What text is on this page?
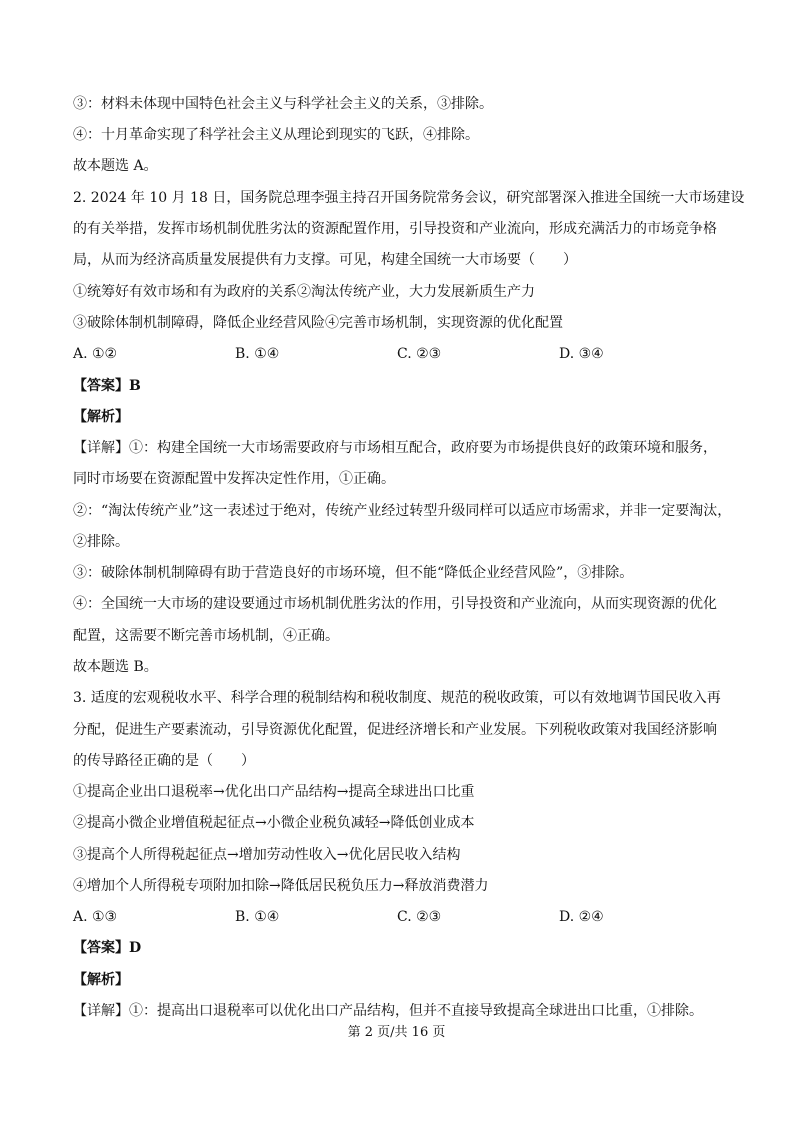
③：材料未体现中国特色社会主义与科学社会主义的关系，③排除。
④：十月革命实现了科学社会主义从理论到现实的飞跃，④排除。
故本题选 A。
2. 2024 年 10 月 18 日，国务院总理李强主持召开国务院常务会议，研究部署深入推进全国统一大市场建设
的有关举措，发挥市场机制优胜劣汰的资源配置作用，引导投资和产业流向，形成充满活力的市场竞争格
局，从而为经济高质量发展提供有力支撑。可见，构建全国统一大市场要（　　）
①统筹好有效市场和有为政府的关系②淘汰传统产业，大力发展新质生产力
③破除体制机制障碍，降低企业经营风险④完善市场机制，实现资源的优化配置
A. ①②	B. ①④	C. ②③	D. ③④
【答案】B
【解析】
【详解】①：构建全国统一大市场需要政府与市场相互配合，政府要为市场提供良好的政策环境和服务，
同时市场要在资源配置中发挥决定性作用，①正确。
②：“淘汰传统产业”这一表述过于绝对，传统产业经过转型升级同样可以适应市场需求，并非一定要淘汰，
②排除。
③：破除体制机制障碍有助于营造良好的市场环境，但不能“降低企业经营风险”，③排除。
④：全国统一大市场的建设要通过市场机制优胜劣汰的作用，引导投资和产业流向，从而实现资源的优化
配置，这需要不断完善市场机制，④正确。
故本题选 B。
3. 适度的宏观税收水平、科学合理的税制结构和税收制度、规范的税收政策，可以有效地调节国民收入再
分配，促进生产要素流动，引导资源优化配置，促进经济增长和产业发展。下列税收政策对我国经济影响
的传导路径正确的是（　　）
①提高企业出口退税率→优化出口产品结构→提高全球进出口比重
②提高小微企业增值税起征点→小微企业税负减轻→降低创业成本
③提高个人所得税起征点→增加劳动性收入→优化居民收入结构
④增加个人所得税专项附加扣除→降低居民税负压力→释放消费潜力
A. ①③	B. ①④	C. ②③	D. ②④
【答案】D
【解析】
【详解】①：提高出口退税率可以优化出口产品结构，但并不直接导致提高全球进出口比重，①排除。
第 2 页/共 16 页
